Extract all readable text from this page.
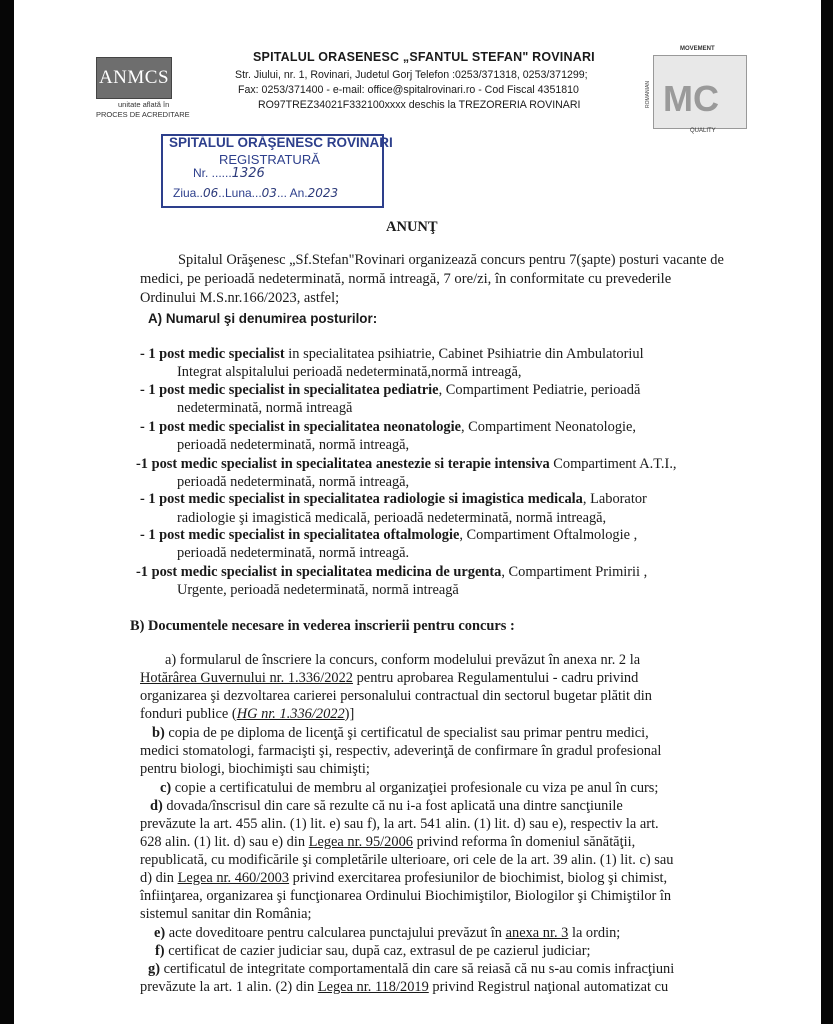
ANMCS
unitate aflată în
PROCES DE ACREDITARE
SPITALUL ORASENESC „SFANTUL STEFAN" ROVINARI
Str. Jiului, nr. 1, Rovinari, Judetul Gorj Telefon :0253/371318, 0253/371299;
Fax: 0253/371400 - e-mail: office@spitalrovinari.ro - Cod Fiscal 4351810
RO97TREZ34021F332100xxxx deschis la TREZORERIA ROVINARI
MOVEMENT
MC
QUALITY
ROMANIAN
SPITALUL ORĂŞENESC ROVINARI
REGISTRATURĂ
Nr. ......1326
Ziua..06..Luna...03... An.2023
ANUNŢ
Spitalul Orăşenesc „Sf.Stefan"Rovinari organizează concurs pentru 7(şapte) posturi vacante de
medici, pe perioadă nedeterminată, normă intreagă, 7 ore/zi, în conformitate cu prevederile
Ordinului M.S.nr.166/2023, astfel;
A) Numarul şi denumirea posturilor:
- 1 post medic specialist in specialitatea psihiatrie, Cabinet Psihiatrie din Ambulatoriul
Integrat alspitalului perioadă nedeterminată,normă intreagă,
- 1 post medic specialist in specialitatea pediatrie, Compartiment Pediatrie, perioadă
nedeterminată, normă intreagă
- 1 post medic specialist in specialitatea neonatologie, Compartiment Neonatologie,
perioadă nedeterminată, normă intreagă,
-1 post medic specialist in specialitatea anestezie si terapie intensiva Compartiment A.T.I.,
perioadă nedeterminată, normă intreagă,
- 1 post medic specialist in specialitatea radiologie si imagistica medicala, Laborator
radiologie şi imagistică medicală, perioadă nedeterminată, normă intreagă,
- 1 post medic specialist in specialitatea oftalmologie, Compartiment Oftalmologie ,
perioadă nedeterminată, normă intreagă.
-1 post medic specialist in specialitatea medicina de urgenta, Compartiment Primirii ,
Urgente, perioadă nedeterminată, normă intreagă
B) Documentele necesare in vederea inscrierii pentru concurs :
a) formularul de înscriere la concurs, conform modelului prevăzut în anexa nr. 2 la
Hotărârea Guvernului nr. 1.336/2022 pentru aprobarea Regulamentului - cadru privind
organizarea şi dezvoltarea carierei personalului contractual din sectorul bugetar plătit din
fonduri publice (HG nr. 1.336/2022)]
b) copia de pe diploma de licenţă şi certificatul de specialist sau primar pentru medici,
medici stomatologi, farmacişti şi, respectiv, adeverinţă de confirmare în gradul profesional
pentru biologi, biochimişti sau chimişti;
c) copie a certificatului de membru al organizaţiei profesionale cu viza pe anul în curs;
d) dovada/înscrisul din care să rezulte că nu i-a fost aplicată una dintre sancţiunile
prevăzute la art. 455 alin. (1) lit. e) sau f), la art. 541 alin. (1) lit. d) sau e), respectiv la art.
628 alin. (1) lit. d) sau e) din Legea nr. 95/2006 privind reforma în domeniul sănătăţii,
republicată, cu modificările şi completările ulterioare, ori cele de la art. 39 alin. (1) lit. c) sau
d) din Legea nr. 460/2003 privind exercitarea profesiunilor de biochimist, biolog şi chimist,
înfiinţarea, organizarea şi funcţionarea Ordinului Biochimiştilor, Biologilor şi Chimiştilor în
sistemul sanitar din România;
e) acte doveditoare pentru calcularea punctajului prevăzut în anexa nr. 3 la ordin;
f) certificat de cazier judiciar sau, după caz, extrasul de pe cazierul judiciar;
g) certificatul de integritate comportamentală din care să reiasă că nu s-au comis infracţiuni
prevăzute la art. 1 alin. (2) din Legea nr. 118/2019 privind Registrul naţional automatizat cu
